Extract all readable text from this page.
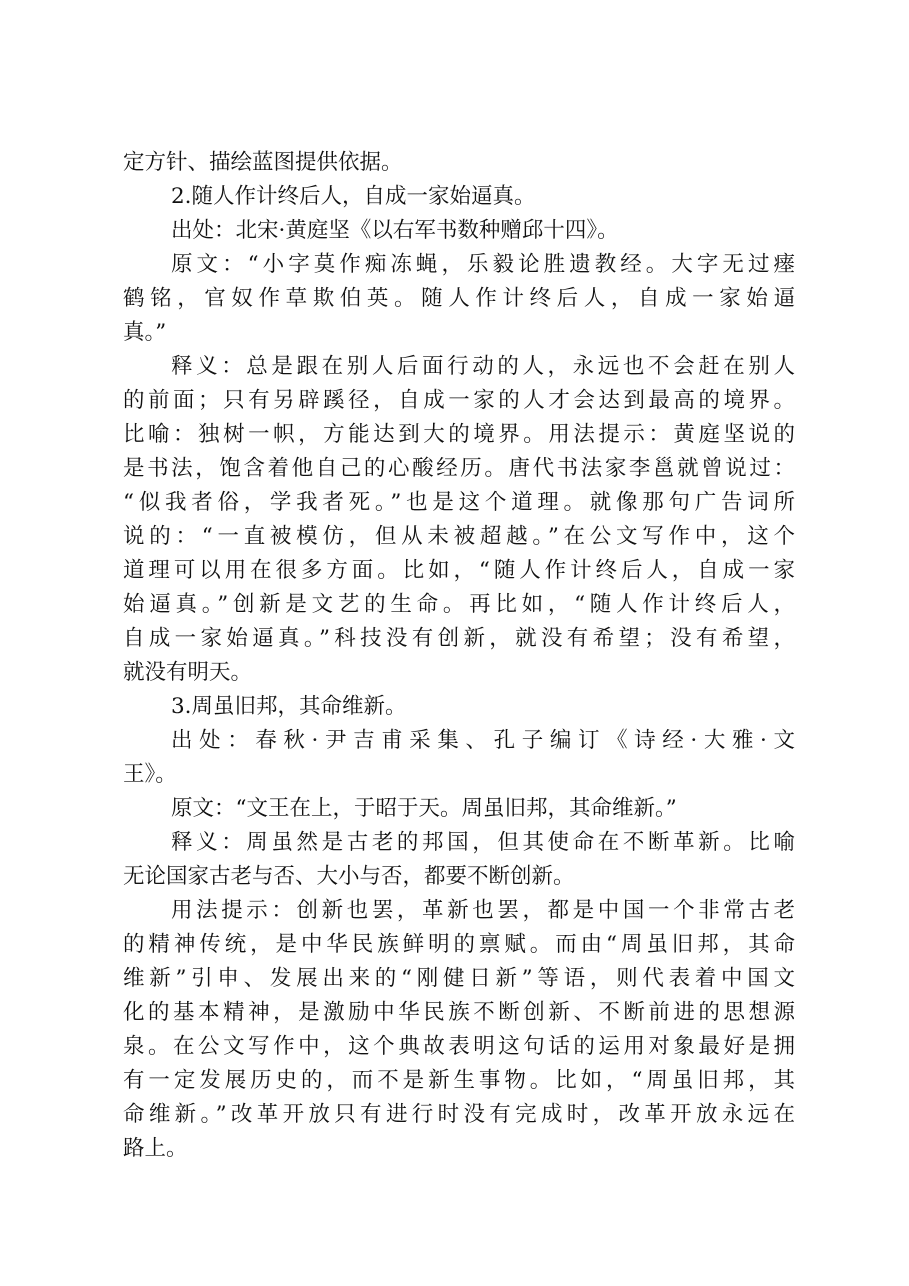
定方针、描绘蓝图提供依据。
2.随人作计终后人，自成一家始逼真。
出处：北宋·黄庭坚《以右军书数种赠邱十四》。
原文：“小字莫作痴冻蝇，乐毅论胜遗教经。大字无过瘗
鹤铭，官奴作草欺伯英。随人作计终后人，自成一家始逼
真。”
释义：总是跟在别人后面行动的人，永远也不会赶在别人
的前面；只有另辟蹊径，自成一家的人才会达到最高的境界。
比喻：独树一帜，方能达到大的境界。用法提示：黄庭坚说的
是书法，饱含着他自己的心酸经历。唐代书法家李邕就曾说过：
“似我者俗，学我者死。”也是这个道理。就像那句广告词所
说的：“一直被模仿，但从未被超越。”在公文写作中，这个
道理可以用在很多方面。比如，“随人作计终后人，自成一家
始逼真。”创新是文艺的生命。再比如，“随人作计终后人，
自成一家始逼真。”科技没有创新，就没有希望；没有希望，
就没有明天。
3.周虽旧邦，其命维新。
出处：春秋·尹吉甫采集、孔子编订《诗经·大雅·文
王》。
原文：“文王在上，于昭于天。周虽旧邦，其命维新。”
释义：周虽然是古老的邦国，但其使命在不断革新。比喻
无论国家古老与否、大小与否，都要不断创新。
用法提示：创新也罢，革新也罢，都是中国一个非常古老
的精神传统，是中华民族鲜明的禀赋。而由“周虽旧邦，其命
维新”引申、发展出来的“刚健日新”等语，则代表着中国文
化的基本精神，是激励中华民族不断创新、不断前进的思想源
泉。在公文写作中，这个典故表明这句话的运用对象最好是拥
有一定发展历史的，而不是新生事物。比如，“周虽旧邦，其
命维新。”改革开放只有进行时没有完成时，改革开放永远在
路上。
